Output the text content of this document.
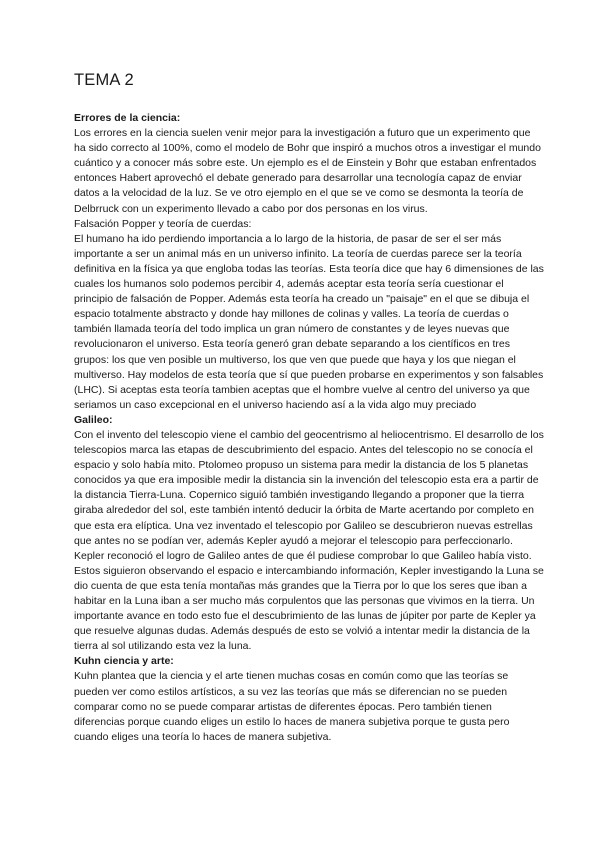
TEMA 2

Errores de la ciencia:

Los errores en la ciencia suelen venir mejor para la investigación a futuro que un experimento que ha sido correcto al 100%, como el modelo de Bohr que inspiró a muchos otros a investigar el mundo cuántico y a conocer más sobre este. Un ejemplo es el de Einstein y Bohr que estaban enfrentados entonces Habert aprovechó el debate generado para desarrollar una tecnología capaz de enviar datos a la velocidad de la luz. Se ve otro ejemplo en el que se ve como se desmonta la teoría de Delbrruck con un experimento llevado a cabo por dos personas en los virus.

Falsación Popper y teoría de cuerdas:

El humano ha ido perdiendo importancia a lo largo de la historia, de pasar de ser el ser más importante a ser un animal más en un universo infinito. La teoría de cuerdas parece ser la teoría definitiva en la física ya que engloba todas las teorías. Esta teoría dice que hay 6 dimensiones de las cuales los humanos solo podemos percibir 4, además aceptar esta teoría sería cuestionar el principio de falsación de Popper. Además esta teoría ha creado un "paisaje" en el que se dibuja el espacio totalmente abstracto y donde hay millones de colinas y valles. La teoría de cuerdas o también llamada teoría del todo implica un gran número de constantes y de leyes nuevas que revolucionaron el universo. Esta teoría generó gran debate separando a los científicos en tres grupos: los que ven posible un multiverso, los que ven que puede que haya y los que niegan el multiverso. Hay modelos de esta teoría que sí que pueden probarse en experimentos y son falsables (LHC). Si aceptas esta teoría tambien aceptas que el hombre vuelve al centro del universo ya que seriamos un caso excepcional en el universo haciendo así a la vida algo muy preciado

Galileo:

Con el invento del telescopio viene el cambio del geocentrismo al heliocentrismo. El desarrollo de los telescopios marca las etapas de descubrimiento del espacio. Antes del telescopio no se conocía el espacio y solo había mito. Ptolomeo propuso un sistema para medir la distancia de los 5 planetas conocidos ya que era imposible medir la distancia sin la invención del telescopio esta era a partir de la distancia Tierra-Luna. Copernico siguió también investigando llegando a proponer que la tierra giraba alrededor del sol, este también intentó deducir la órbita de Marte acertando por completo en que esta era elíptica. Una vez inventado el telescopio por Galileo se descubrieron nuevas estrellas que antes no se podían ver, además Kepler ayudó a mejorar el telescopio para perfeccionarlo. Kepler reconoció el logro de Galileo antes de que él pudiese comprobar lo que Galileo había visto. Estos siguieron observando el espacio e intercambiando información, Kepler investigando la Luna se dio cuenta de que esta tenía montañas más grandes que la Tierra por lo que los seres que iban a habitar en la Luna iban a ser mucho más corpulentos que las personas que vivimos en la tierra. Un importante avance en todo esto fue el descubrimiento de las lunas de júpiter por parte de Kepler ya que resuelve algunas dudas. Además después de esto se volvió a intentar medir la distancia de la tierra al sol utilizando esta vez la luna.

Kuhn ciencia y arte:

Kuhn plantea que la ciencia y el arte tienen muchas cosas en común como que las teorías se pueden ver como estilos artísticos, a su vez las teorías que más se diferencian no se pueden comparar como no se puede comparar artistas de diferentes épocas. Pero también tienen diferencias porque cuando eliges un estilo lo haces de manera subjetiva porque te gusta pero cuando eliges una teoría lo haces de manera subjetiva.
